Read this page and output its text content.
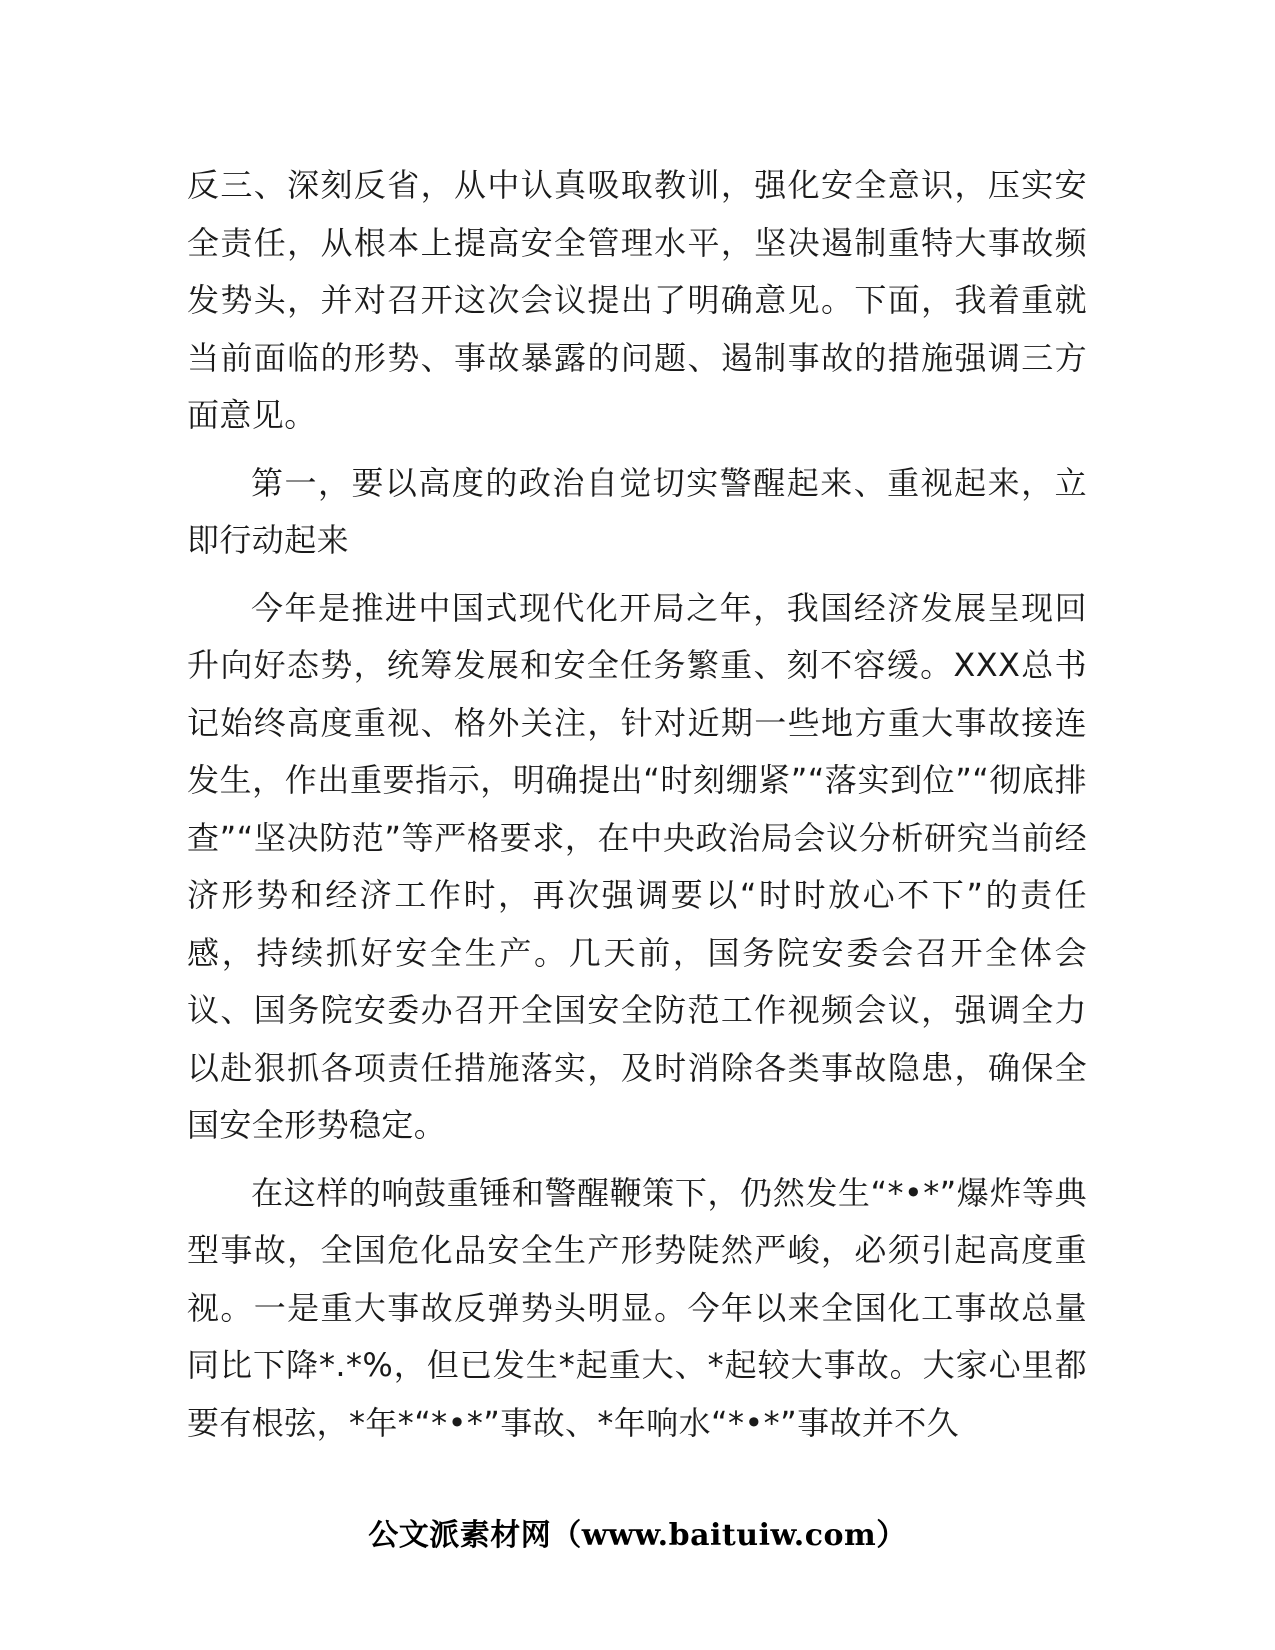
反三、深刻反省，从中认真吸取教训，强化安全意识，压实安全责任，从根本上提高安全管理水平，坚决遏制重特大事故频发势头，并对召开这次会议提出了明确意见。下面，我着重就当前面临的形势、事故暴露的问题、遏制事故的措施强调三方面意见。

第一，要以高度的政治自觉切实警醒起来、重视起来，立即行动起来

今年是推进中国式现代化开局之年，我国经济发展呈现回升向好态势，统筹发展和安全任务繁重、刻不容缓。XXX总书记始终高度重视、格外关注，针对近期一些地方重大事故接连发生，作出重要指示，明确提出“时刻绷紧”“落实到位”“彻底排查”“坚决防范”等严格要求，在中央政治局会议分析研究当前经济形势和经济工作时，再次强调要以“时时放心不下”的责任感，持续抓好安全生产。几天前，国务院安委会召开全体会议、国务院安委办召开全国安全防范工作视频会议，强调全力以赴狠抓各项责任措施落实，及时消除各类事故隐患，确保全国安全形势稳定。

在这样的响鼓重锤和警醒鞭策下，仍然发生“*•*”爆炸等典型事故，全国危化品安全生产形势陡然严峻，必须引起高度重视。一是重大事故反弹势头明显。今年以来全国化工事故总量同比下降*.*%，但已发生*起重大、*起较大事故。大家心里都要有根弦，*年*“*•*”事故、*年响水“*•*”事故并不久

公文派素材网（www.baituiw.com）
